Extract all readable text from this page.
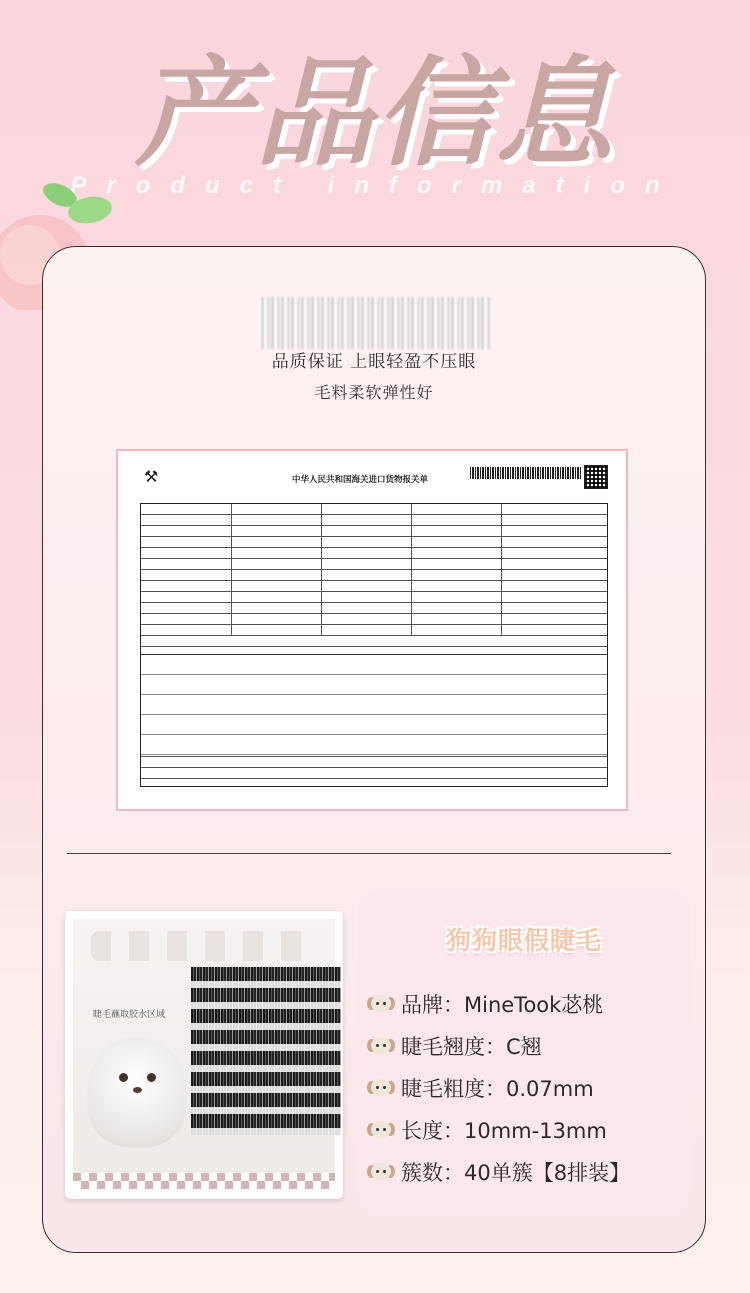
产品信息
Product information
品质保证 上眼轻盈不压眼
毛料柔软弹性好
⚒	中华人民共和国海关进口货物报关单
睫毛蘸取胶水区域
狗狗眼假睫毛
品牌：MineTook苾桃
睫毛翘度：C翘
睫毛粗度：0.07mm
长度：10mm-13mm
簇数：40单簇【8排装】
